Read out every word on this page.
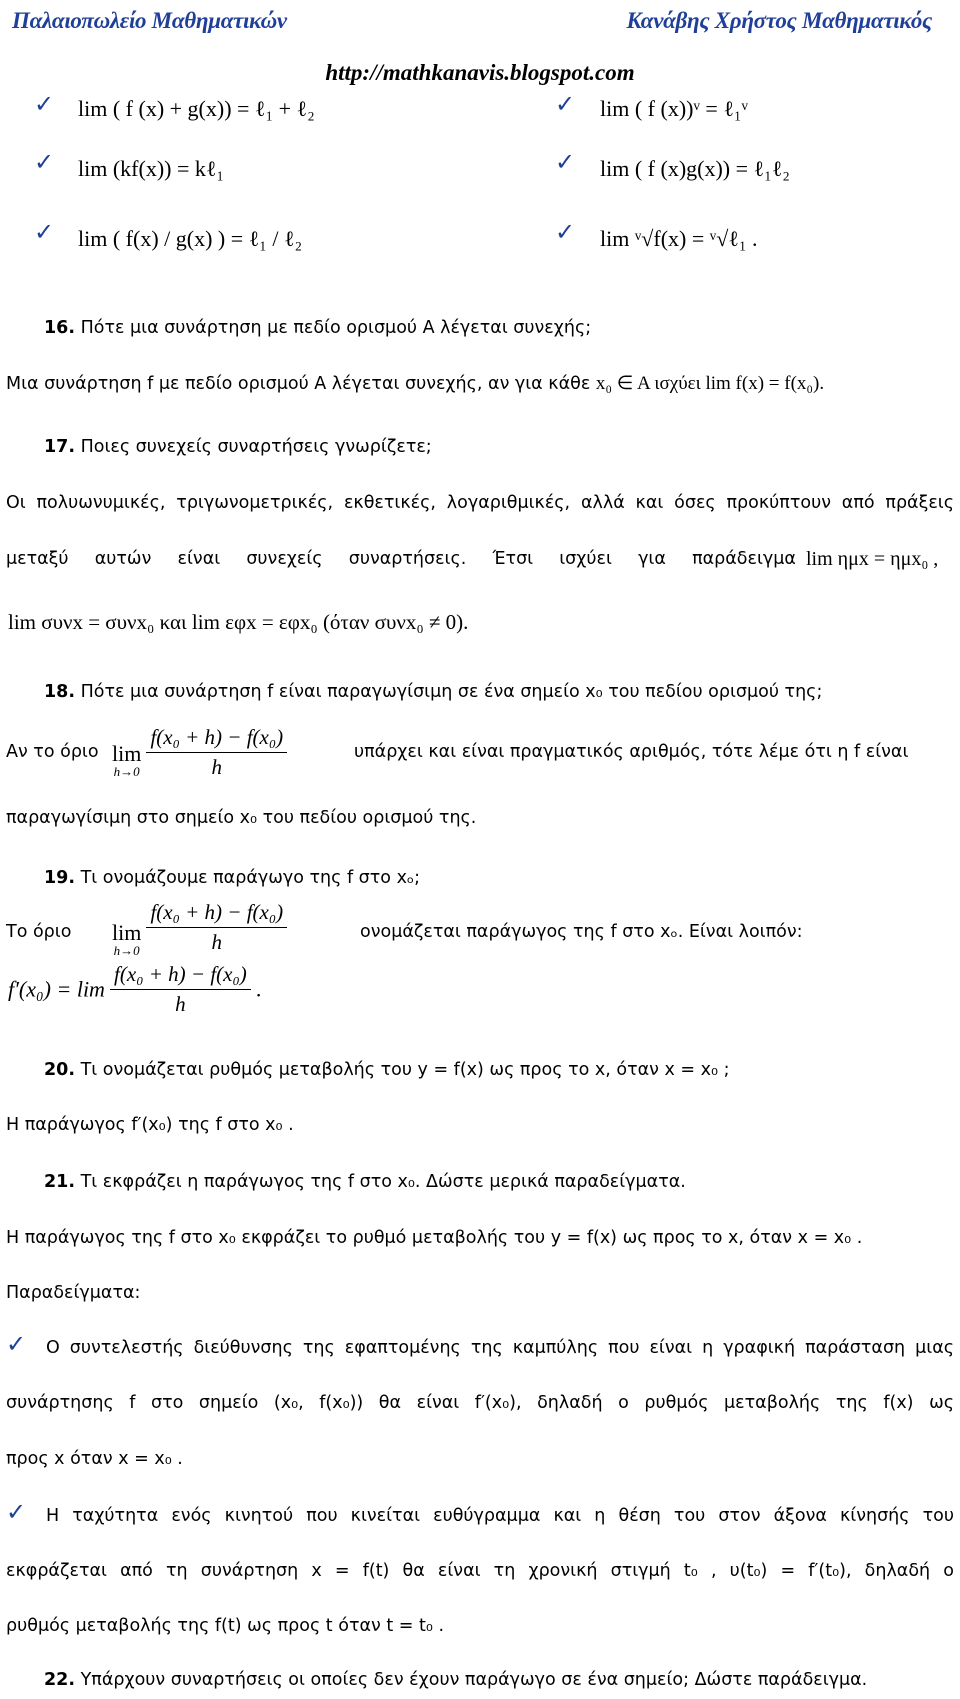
Παλαιοπωλείο Μαθηματικών	Κανάβης Χρήστος Μαθηματικός
http://mathkanavis.blogspot.com
✓ lim ( f (x) + g(x)) = ℓ₁ + ℓ₂	✓ lim ( f (x))ᵛ = ℓ₁ᵛ
✓ lim (kf(x)) = kℓ₁	✓ lim ( f (x)g(x)) = ℓ₁ℓ₂
✓ lim ( f(x) / g(x) ) = ℓ₁ / ℓ₂	✓ lim ᵛ√f(x) = ᵛ√ℓ₁ .
16. Πότε μια συνάρτηση με πεδίο ορισμού Α λέγεται συνεχής;
Μια συνάρτηση f με πεδίο ορισμού Α λέγεται συνεχής, αν για κάθε x₀ ∈ A ισχύει lim f(x) = f(x₀).
17. Ποιες συνεχείς συναρτήσεις γνωρίζετε;
Οι πολυωνυμικές, τριγωνομετρικές, εκθετικές, λογαριθμικές, αλλά και όσες προκύπτουν από πράξεις
μεταξύ αυτών είναι συνεχείς συναρτήσεις. Έτσι ισχύει για παράδειγμα lim ημx = ημx₀ ,
lim συνx = συνx₀ και lim εφx = εφx₀ (όταν συνx₀ ≠ 0).
18. Πότε μια συνάρτηση f είναι παραγωγίσιμη σε ένα σημείο x₀ του πεδίου ορισμού της;
Αν το όριο lim
h→0
$\frac{\text{f(x₀ + h) − f(x₀)}}{h}$	υπάρχει και είναι πραγματικός αριθμός, τότε λέμε ότι η f είναι
παραγωγίσιμη στο σημείο x₀ του πεδίου ορισμού της.
19. Τι ονομάζουμε παράγωγο της f στο xₒ;
Το όριο lim
h→0
$\frac{\text{f(x₀ + h) − f(x₀)}}{h}$	ονομάζεται παράγωγος της f στο xₒ. Είναι λοιπόν:
$f'(x_0) = \lim \frac{\text{f(x₀ + h) − f(x₀)}}{h}$ .
20. Τι ονομάζεται ρυθμός μεταβολής του y = f(x) ως προς το x, όταν x = x₀ ;
Η παράγωγος f′(x₀) της f στο x₀ .
21. Τι εκφράζει η παράγωγος της f στο x₀. Δώστε μερικά παραδείγματα.
Η παράγωγος της f στο x₀ εκφράζει το ρυθμό μεταβολής του y = f(x) ως προς το x, όταν x = x₀ .
Παραδείγματα:
✓ Ο συντελεστής διεύθυνσης της εφαπτομένης της καμπύλης που είναι η γραφική παράσταση μιας
συνάρτησης f στο σημείο (x₀, f(x₀)) θα είναι f′(x₀), δηλαδή ο ρυθμός μεταβολής της f(x) ως
προς x όταν x = x₀ .
✓ Η ταχύτητα ενός κινητού που κινείται ευθύγραμμα και η θέση του στον άξονα κίνησής του
εκφράζεται από τη συνάρτηση x = f(t) θα είναι τη χρονική στιγμή t₀ , υ(t₀) = f′(t₀), δηλαδή ο
ρυθμός μεταβολής της f(t) ως προς t όταν t = t₀ .
22. Υπάρχουν συναρτήσεις οι οποίες δεν έχουν παράγωγο σε ένα σημείο; Δώστε παράδειγμα.
